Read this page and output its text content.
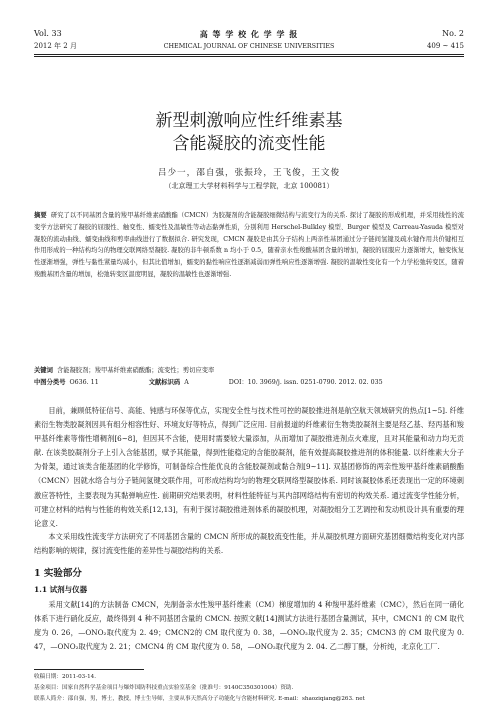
Vol. 33
2012 年 2 月
高 等 学 校 化 学 学 报
CHEMICAL JOURNAL OF CHINESE UNIVERSITIES
No. 2
409 ~ 415
新型刺激响应性纤维素基
含能凝胶的流变性能
吕少一，邵自强，张振玲，王飞俊，王文俊
（北京理工大学材料科学与工程学院，北京 100081）
摘要 研究了以不同基团含量的羧甲基纤维素硝酸酯（CMCN）为胶凝剂的含能凝胶细微结构与流变行为的关系. 探讨了凝胶的形成机理，并采用线性的流变学方法研究了凝胶的屈服性、触变性、蠕变性及温敏性等动态黏弹性质，分别利用 Herschel-Bulkley 模型、Burger 模型及 Carreau-Yasuda 模型对凝胶的流动曲线、蠕变曲线和剪率曲线进行了数据拟合. 研究发现，CMCN 凝胶是由其分子结构上两亲性基团通过分子链间氢键及疏水键作用共价键相互作用形成的一种结构均匀的物理交联网络型凝胶. 凝胶的非牛顿系数 n 均小于 0.5，随着亲水性羧酸基团含量的增加，凝胶的屈服应力逐渐增大，触变恢复性逐渐增强，弹性与黏性紧量均减小，但其比值增加，蠕变的黏性响应性逐渐减弱而弹性响应性逐渐增强. 凝胶的温敏性变化有一个力学松弛转变区，随着羧酸基团含量的增加，松弛转变区温度明显，凝胶的温敏性也逐渐增强.
关键词 含能凝胶剂；羧甲基纤维素硝酸酯；流变性；剪切应变率
中图分类号 O636. 11	文献标识码 A	DOI：10. 3969/j. issn. 0251-0790. 2012. 02. 035
目前，兼顾低特征信号、高能、钝感与环保等优点，实现安全性与技术性可控的凝胶推进剂是航空航天领域研究的热点[1~5]. 纤维素衍生物类胶凝剂因具有组分相容性好、环境友好等特点，得到广泛应用. 目前报道的纤维素衍生物类胶凝剂主要是羟乙基、羟丙基和羧甲基纤维素等惰性增稠剂[6~8]，但因其不含能，使用时需要较大量添加，从而增加了凝胶推进剂点火难度，且对其能量和动力均无贡献. 在该类胶凝剂分子上引入含能基团，赋予其能量，得到性能稳定的含能胶凝剂，能有效提高凝胶推进剂的体积能量. 以纤维素大分子为骨架，通过该类含能基团的化学修饰，可制备综合性能优良的含能胶凝剂或黏合剂[9~11]. 双基团修饰的两亲性羧甲基纤维素硝酸酯（CMCN）因就水络合与分子链间氢键交联作用，可形成结构均匀的物理交联网络型凝胶体系. 同时该凝胶体系还表现出一定的环境刺激应答特性，主要表现为其黏弹响应性. 前期研究结果表明，材料性能特征与其内部网络结构有密切的构效关系. 通过流变学性能分析，可建立材料的结构与性能的构效关系[12,13]，有利于探讨凝胶推进剂体系的凝胶机理，对凝胶组分工艺调控和发动机设计具有重要的理论意义.
本文采用线性流变学方法研究了不同基团含量的 CMCN 所形成的凝胶流变性能，并从凝胶机理方面研究基团细微结构变化对内部结构影响的规律，探讨流变性能的差异性与凝胶结构的关系.
1 实验部分
1.1 试剂与仪器
采用文献[14]的方法制备 CMCN，先制备亲水性羧甲基纤维素（CM）梯度增加的 4 种羧甲基纤维素（CMC），然后在同一硝化体系下进行硝化反应，最终得到 4 种不同基团含量的 CMCN. 按照文献[14]测试方法进行基团含量测试，其中，CMCN1 的 CM 取代度为 0. 26，—ONO₂取代度为 2. 49；CMCN2的 CM 取代度为 0. 38，—ONO₂取代度为 2. 35；CMCN3 的 CM 取代度为 0. 47，—ONO₂取代度为 2. 21；CMCN4 的 CM 取代度为 0. 58，—ONO₂取代度为 2. 04. 乙二醇丁醚，分析纯，北京化工厂.
收稿日期：2011-03-14.
基金项目：国家自然科学基金项目与爆炸国防科技重点实验室基金（批准号：9140C350301004）资助.
联系人简介：邵自强，男，博士，教授，博士生导师，主要从事天然高分子功能化与含能材料研究. E-mail：shaoziqiang@263. net
